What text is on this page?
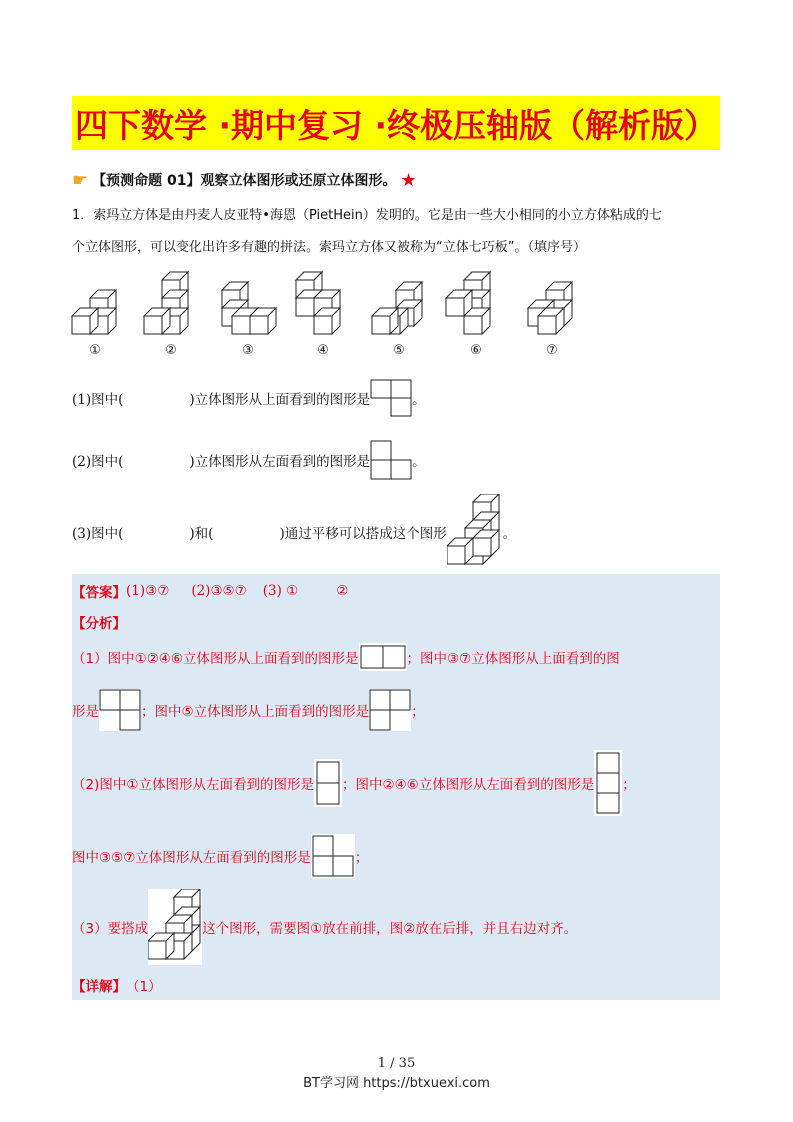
四下数学 ·期中复习 ·终极压轴版（解析版）
☛ 【预测命题 01】观察立体图形或还原立体图形。 ★
1．索玛立方体是由丹麦人皮亚特•海恩（PietHein）发明的。它是由一些大小相同的小立方体粘成的七
个立体图形，可以变化出许多有趣的拼法。索玛立方体又被称为“立体七巧板”。（填序号）
①	②	③	④	⑤	⑥	⑦
(1)图中(	)立体图形从上面看到的图形是	。
(2)图中(	)立体图形从左面看到的图形是	。
(3)图中(	)和(	)通过平移可以搭成这个图形	。
【答案】 (1)③⑦ (2)③⑤⑦ (3) ①	②
【分析】
（1）图中①②④⑥立体图形从上面看到的图形是	；图中③⑦立体图形从上面看到的图
形是	；图中⑤立体图形从上面看到的图形是	；
（2)图中①立体图形从左面看到的图形是 ；图中②④⑥立体图形从左面看到的图形是 ；
图中③⑤⑦立体图形从左面看到的图形是	；
（3）要搭成	这个图形，需要图①放在前排，图②放在后排，并且右边对齐。
【详解】 （1）
1 / 35
BT学习网 https://btxuexi.com
